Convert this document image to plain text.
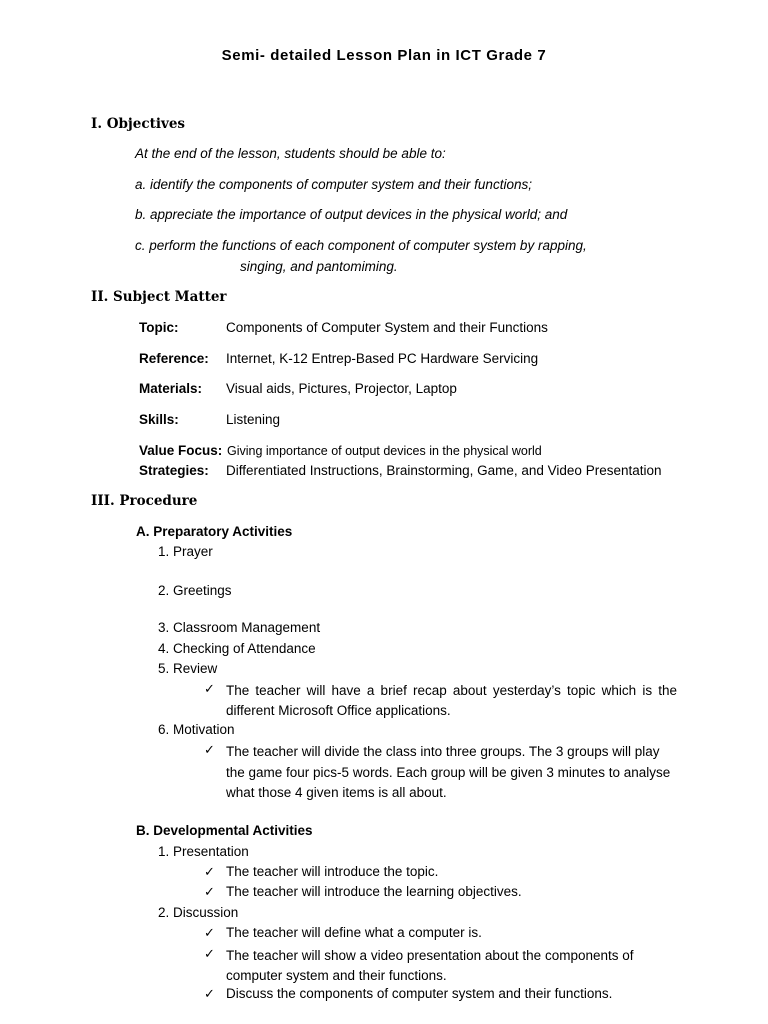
Semi- detailed Lesson Plan in ICT Grade 7
I. Objectives
At the end of the lesson, students should be able to:
a. identify the components of computer system and their functions;
b. appreciate the importance of output devices in the physical world; and
c. perform the functions of each component of computer system by rapping,
singing, and pantomiming.
II. Subject Matter
Topic:	Components of Computer System and their Functions
Reference: Internet, K-12 Entrep-Based PC Hardware Servicing
Materials: Visual aids, Pictures, Projector, Laptop
Skills:	Listening
Value Focus: Giving importance of output devices in the physical world
Strategies: Differentiated Instructions, Brainstorming, Game, and Video Presentation
III. Procedure
A. Preparatory Activities
1. Prayer
2. Greetings
3. Classroom Management
4. Checking of Attendance
5. Review
✓ The teacher will have a brief recap about yesterday’s topic which is the different Microsoft Office applications.
6. Motivation
✓ The teacher will divide the class into three groups. The 3 groups will play the game four pics-5 words. Each group will be given 3 minutes to analyse what those 4 given items is all about.
B. Developmental Activities
1. Presentation
✓ The teacher will introduce the topic.
✓ The teacher will introduce the learning objectives.
2. Discussion
✓ The teacher will define what a computer is.
✓ The teacher will show a video presentation about the components of computer system and their functions.
✓ Discuss the components of computer system and their functions.
